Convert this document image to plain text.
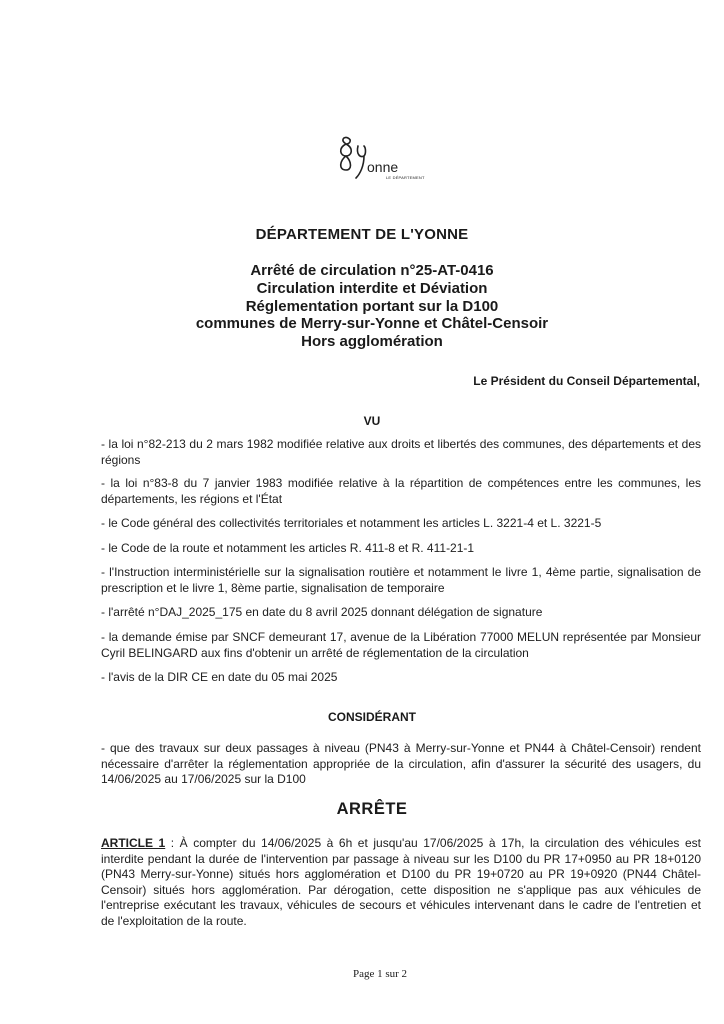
onne
LE DÉPARTEMENT
DÉPARTEMENT DE L'YONNE
Arrêté de circulation n°25-AT-0416
Circulation interdite et Déviation
Réglementation portant sur la D100
communes de Merry-sur-Yonne et Châtel-Censoir
Hors agglomération
Le Président du Conseil Départemental,
VU
- la loi n°82-213 du 2 mars 1982 modifiée relative aux droits et libertés des communes, des départements et des régions
- la loi n°83-8 du 7 janvier 1983 modifiée relative à la répartition de compétences entre les communes, les départements, les régions et l'État
- le Code général des collectivités territoriales et notamment les articles L. 3221-4 et L. 3221-5
- le Code de la route et notamment les articles R. 411-8 et R. 411-21-1
- l'Instruction interministérielle sur la signalisation routière et notamment le livre 1, 4ème partie, signalisation de prescription et le livre 1, 8ème partie, signalisation de temporaire
- l'arrêté n°DAJ_2025_175 en date du 8 avril 2025 donnant délégation de signature
- la demande émise par SNCF demeurant 17, avenue de la Libération 77000 MELUN représentée par Monsieur Cyril BELINGARD aux fins d'obtenir un arrêté de réglementation de la circulation
- l'avis de la DIR CE en date du 05 mai 2025
CONSIDÉRANT
- que des travaux sur deux passages à niveau (PN43 à Merry-sur-Yonne et PN44 à Châtel-Censoir) rendent nécessaire d'arrêter la réglementation appropriée de la circulation, afin d'assurer la sécurité des usagers, du 14/06/2025 au 17/06/2025 sur la D100
ARRÊTE
ARTICLE 1 : À compter du 14/06/2025 à 6h et jusqu'au 17/06/2025 à 17h, la circulation des véhicules est interdite pendant la durée de l'intervention par passage à niveau sur les D100 du PR 17+0950 au PR 18+0120 (PN43 Merry-sur-Yonne) situés hors agglomération et D100 du PR 19+0720 au PR 19+0920 (PN44 Châtel-Censoir) situés hors agglomération. Par dérogation, cette disposition ne s'applique pas aux véhicules de l'entreprise exécutant les travaux, véhicules de secours et véhicules intervenant dans le cadre de l'entretien et de l'exploitation de la route.
Page 1 sur 2
